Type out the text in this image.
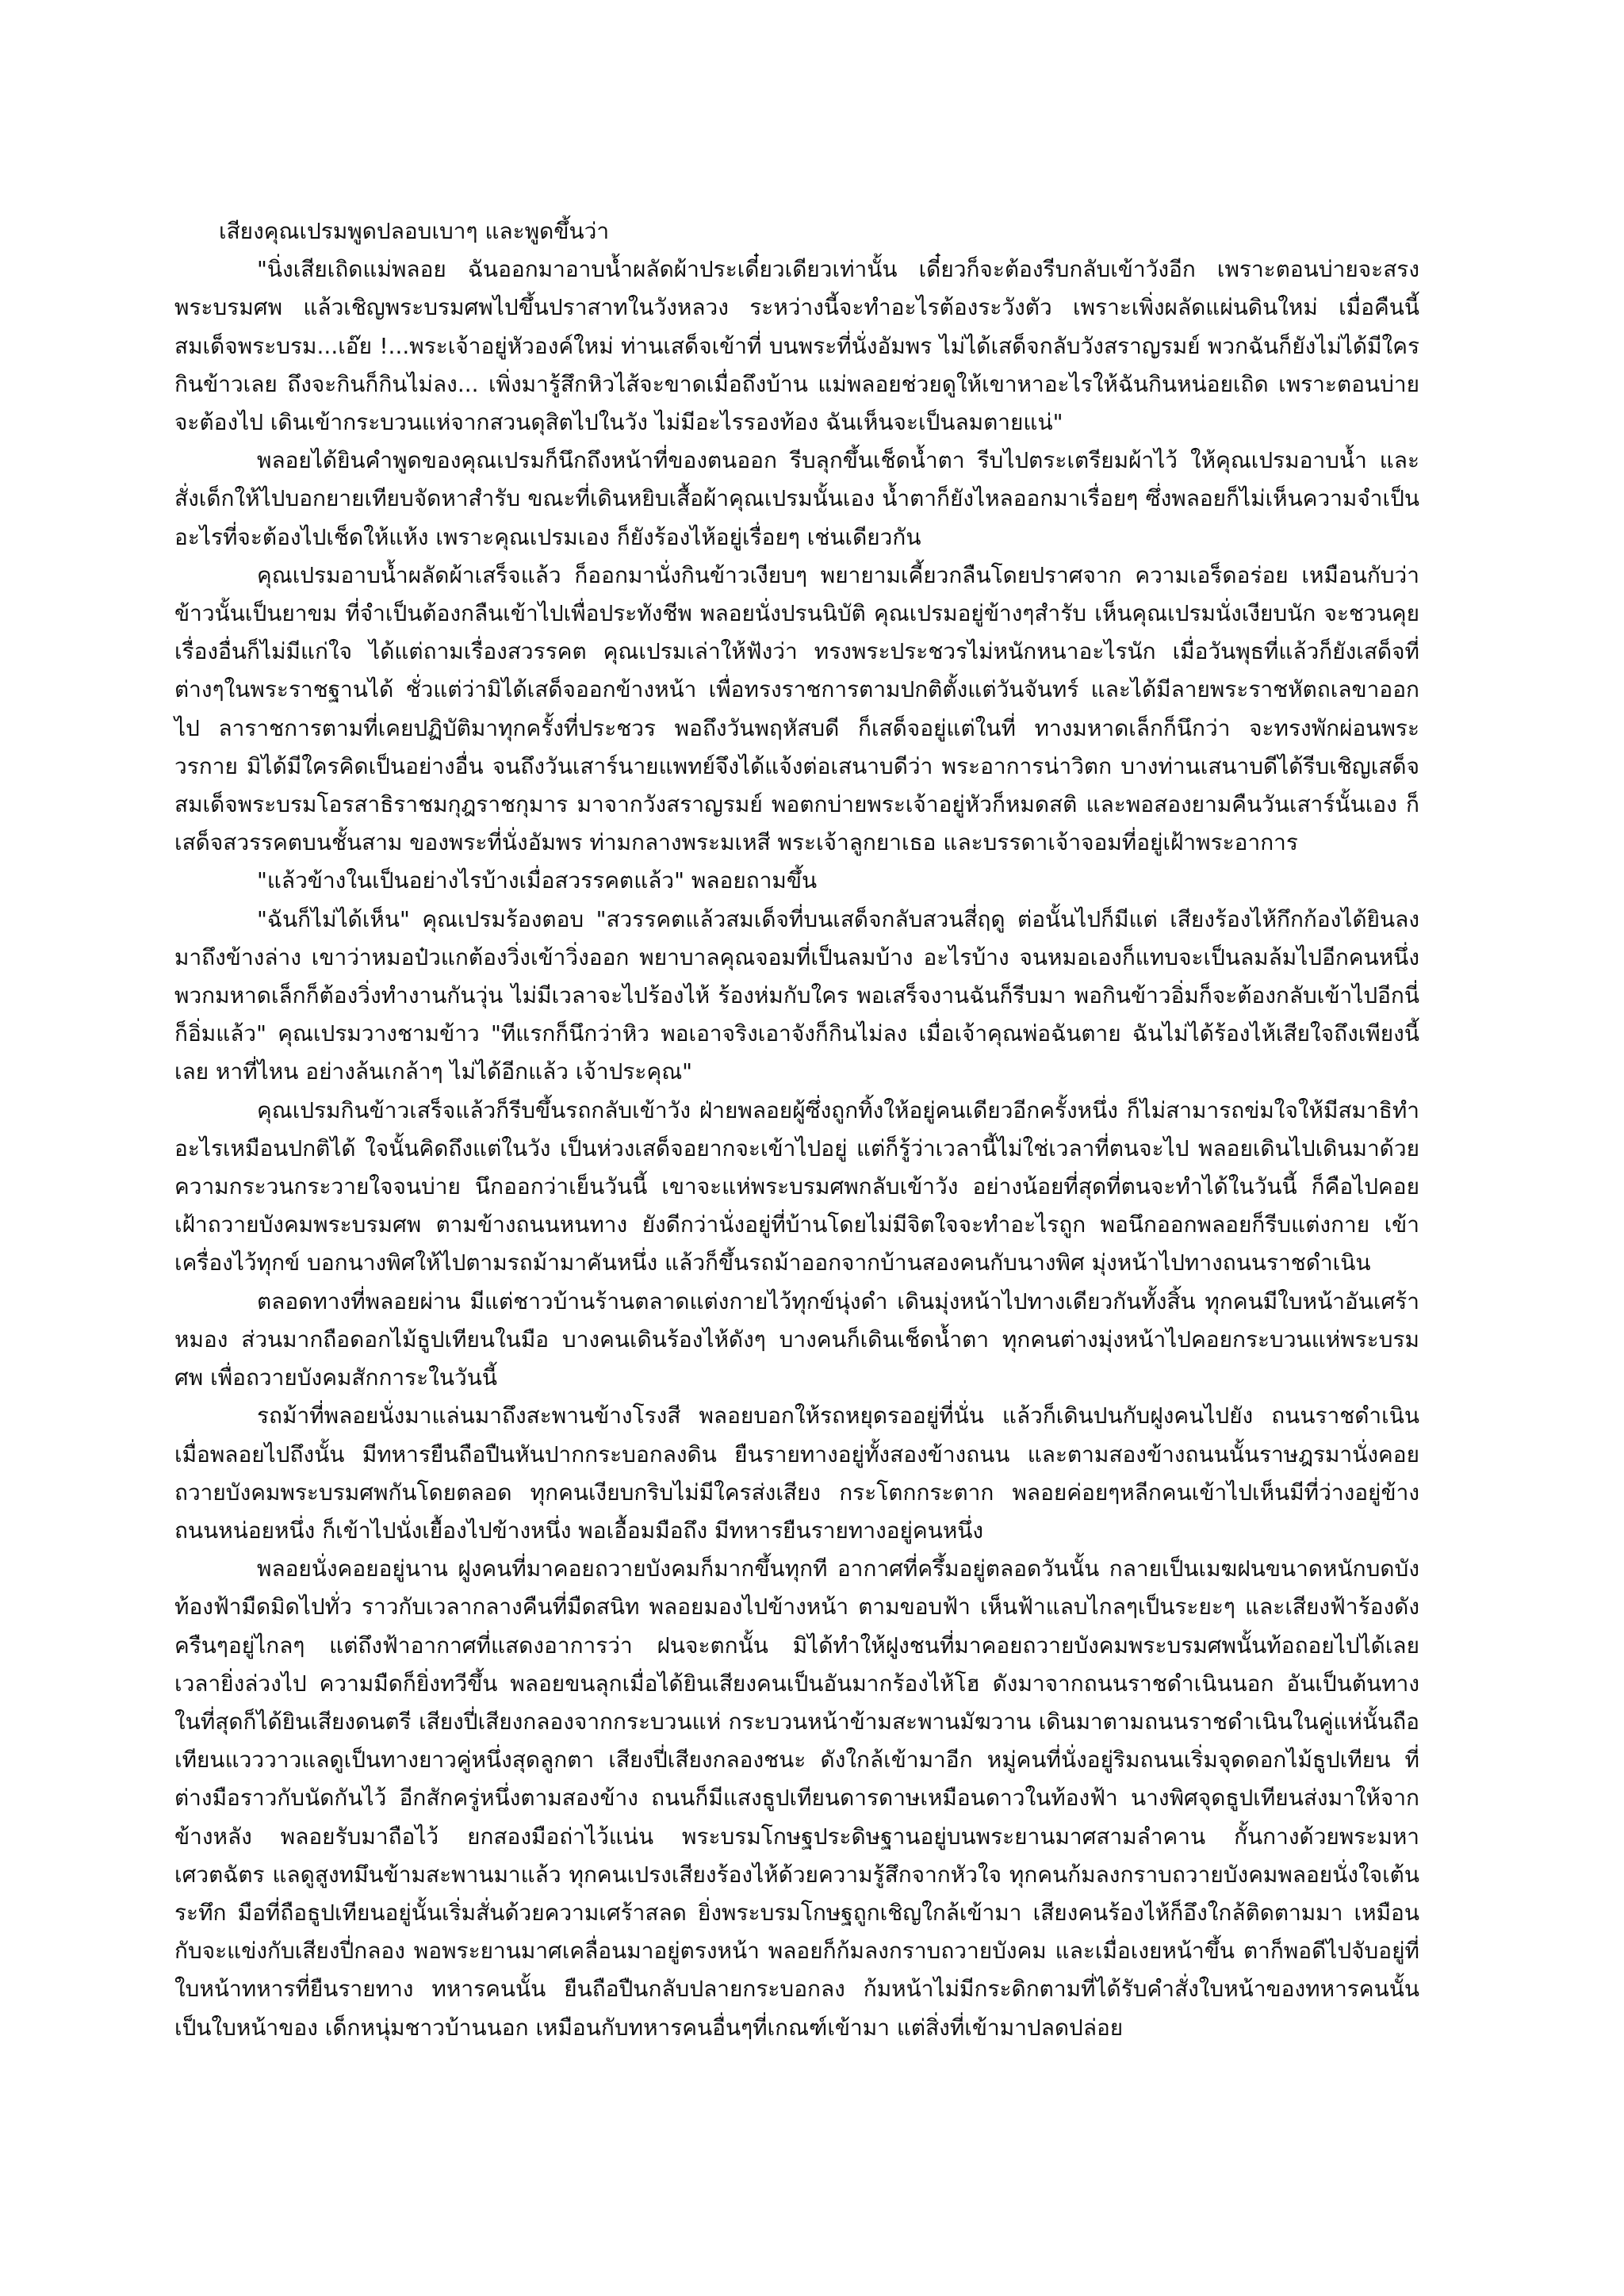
เสียงคุณเปรมพูดปลอบเบาๆ และพูดขึ้นว่า

"นิ่งเสียเถิดแม่พลอย ฉันออกมาอาบน้ำผลัดผ้าประเดี๋ยวเดียวเท่านั้น เดี๋ยวก็จะต้องรีบกลับเข้าวังอีก เพราะตอนบ่ายจะสรงพระบรมศพ แล้วเชิญพระบรมศพไปขึ้นปราสาทในวังหลวง ระหว่างนี้จะทำอะไรต้องระวังตัว เพราะเพิ่งผลัดแผ่นดินใหม่ เมื่อคืนนี้สมเด็จพระบรม...เอ๊ย !...พระเจ้าอยู่หัวองค์ใหม่ ท่านเสด็จเข้าที่ บนพระที่นั่งอัมพร ไม่ได้เสด็จกลับวังสราญรมย์ พวกฉันก็ยังไม่ได้มีใครกินข้าวเลย ถึงจะกินก็กินไม่ลง... เพิ่งมารู้สึกหิวไส้จะขาดเมื่อถึงบ้าน แม่พลอยช่วยดูให้เขาหาอะไรให้ฉันกินหน่อยเถิด เพราะตอนบ่ายจะต้องไป เดินเข้ากระบวนแห่จากสวนดุสิตไปในวัง ไม่มีอะไรรองท้อง ฉันเห็นจะเป็นลมตายแน่"

พลอยได้ยินคำพูดของคุณเปรมก็นึกถึงหน้าที่ของตนออก รีบลุกขึ้นเช็ดน้ำตา รีบไปตระเตรียมผ้าไว้ ให้คุณเปรมอาบน้ำ และสั่งเด็กให้ไปบอกยายเทียบจัดหาสำรับ ขณะที่เดินหยิบเสื้อผ้าคุณเปรมนั้นเอง น้ำตาก็ยังไหลออกมาเรื่อยๆ ซึ่งพลอยก็ไม่เห็นความจำเป็นอะไรที่จะต้องไปเช็ดให้แห้ง เพราะคุณเปรมเอง ก็ยังร้องไห้อยู่เรื่อยๆ เช่นเดียวกัน

คุณเปรมอาบน้ำผลัดผ้าเสร็จแล้ว ก็ออกมานั่งกินข้าวเงียบๆ พยายามเคี้ยวกลืนโดยปราศจาก ความเอร็ดอร่อย เหมือนกับว่าข้าวนั้นเป็นยาขม ที่จำเป็นต้องกลืนเข้าไปเพื่อประทังชีพ พลอยนั่งปรนนิบัติ คุณเปรมอยู่ข้างๆสำรับ เห็นคุณเปรมนั่งเงียบนัก จะชวนคุยเรื่องอื่นก็ไม่มีแก่ใจ ได้แต่ถามเรื่องสวรรคต คุณเปรมเล่าให้ฟังว่า ทรงพระประชวรไม่หนักหนาอะไรนัก เมื่อวันพุธที่แล้วก็ยังเสด็จที่ต่างๆในพระราชฐานได้ ชั่วแต่ว่ามิได้เสด็จออกข้างหน้า เพื่อทรงราชการตามปกติตั้งแต่วันจันทร์ และได้มีลายพระราชหัตถเลขาออกไป ลาราชการตามที่เคยปฏิบัติมาทุกครั้งที่ประชวร พอถึงวันพฤหัสบดี ก็เสด็จอยู่แต่ในที่ ทางมหาดเล็กก็นึกว่า จะทรงพักผ่อนพระวรกาย มิได้มีใครคิดเป็นอย่างอื่น จนถึงวันเสาร์นายแพทย์จึงได้แจ้งต่อเสนาบดีว่า พระอาการน่าวิตก บางท่านเสนาบดีได้รีบเชิญเสด็จสมเด็จพระบรมโอรสาธิราชมกุฎราชกุมาร มาจากวังสราญรมย์ พอตกบ่ายพระเจ้าอยู่หัวก็หมดสติ และพอสองยามคืนวันเสาร์นั้นเอง ก็เสด็จสวรรคตบนชั้นสาม ของพระที่นั่งอัมพร ท่ามกลางพระมเหสี พระเจ้าลูกยาเธอ และบรรดาเจ้าจอมที่อยู่เฝ้าพระอาการ

"แล้วข้างในเป็นอย่างไรบ้างเมื่อสวรรคตแล้ว" พลอยถามขึ้น

"ฉันก็ไม่ได้เห็น" คุณเปรมร้องตอบ "สวรรคตแล้วสมเด็จที่บนเสด็จกลับสวนสี่ฤดู ต่อนั้นไปก็มีแต่ เสียงร้องไห้กึกก้องได้ยินลงมาถึงข้างล่าง เขาว่าหมอป๋วแกต้องวิ่งเข้าวิ่งออก พยาบาลคุณจอมที่เป็นลมบ้าง อะไรบ้าง จนหมอเองก็แทบจะเป็นลมล้มไปอีกคนหนึ่ง พวกมหาดเล็กก็ต้องวิ่งทำงานกันวุ่น ไม่มีเวลาจะไปร้องไห้ ร้องห่มกับใคร พอเสร็จงานฉันก็รีบมา พอกินข้าวอิ่มก็จะต้องกลับเข้าไปอีกนี่ก็อิ่มแล้ว" คุณเปรมวางชามข้าว "ทีแรกก็นึกว่าหิว พอเอาจริงเอาจังก็กินไม่ลง เมื่อเจ้าคุณพ่อฉันตาย ฉันไม่ได้ร้องไห้เสียใจถึงเพียงนี้เลย หาที่ไหน อย่างล้นเกล้าๆ ไม่ได้อีกแล้ว เจ้าประคุณ"

คุณเปรมกินข้าวเสร็จแล้วก็รีบขึ้นรถกลับเข้าวัง ฝ่ายพลอยผู้ซึ่งถูกทิ้งให้อยู่คนเดียวอีกครั้งหนึ่ง ก็ไม่สามารถข่มใจให้มีสมาธิทำอะไรเหมือนปกติได้ ใจนั้นคิดถึงแต่ในวัง เป็นห่วงเสด็จอยากจะเข้าไปอยู่ แต่ก็รู้ว่าเวลานี้ไม่ใช่เวลาที่ตนจะไป พลอยเดินไปเดินมาด้วยความกระวนกระวายใจจนบ่าย นึกออกว่าเย็นวันนี้ เขาจะแห่พระบรมศพกลับเข้าวัง อย่างน้อยที่สุดที่ตนจะทำได้ในวันนี้ ก็คือไปคอยเฝ้าถวายบังคมพระบรมศพ ตามข้างถนนหนทาง ยังดีกว่านั่งอยู่ที่บ้านโดยไม่มีจิตใจจะทำอะไรถูก พอนึกออกพลอยก็รีบแต่งกาย เข้าเครื่องไว้ทุกข์ บอกนางพิศให้ไปตามรถม้ามาคันหนึ่ง แล้วก็ขึ้นรถม้าออกจากบ้านสองคนกับนางพิศ มุ่งหน้าไปทางถนนราชดำเนิน

ตลอดทางที่พลอยผ่าน มีแต่ชาวบ้านร้านตลาดแต่งกายไว้ทุกข์นุ่งดำ เดินมุ่งหน้าไปทางเดียวกันทั้งสิ้น ทุกคนมีใบหน้าอันเศร้าหมอง ส่วนมากถือดอกไม้ธูปเทียนในมือ บางคนเดินร้องไห้ดังๆ บางคนก็เดินเช็ดน้ำตา ทุกคนต่างมุ่งหน้าไปคอยกระบวนแห่พระบรมศพ เพื่อถวายบังคมสักการะในวันนี้

รถม้าที่พลอยนั่งมาแล่นมาถึงสะพานข้างโรงสี พลอยบอกให้รถหยุดรออยู่ที่นั่น แล้วก็เดินปนกับฝูงคนไปยัง ถนนราชดำเนิน เมื่อพลอยไปถึงนั้น มีทหารยืนถือปืนหันปากกระบอกลงดิน ยืนรายทางอยู่ทั้งสองข้างถนน และตามสองข้างถนนนั้นราษฎรมานั่งคอยถวายบังคมพระบรมศพกันโดยตลอด ทุกคนเงียบกริบไม่มีใครส่งเสียง กระโตกกระตาก พลอยค่อยๆหลีกคนเข้าไปเห็นมีที่ว่างอยู่ข้างถนนหน่อยหนึ่ง ก็เข้าไปนั่งเยื้องไปข้างหนึ่ง พอเอื้อมมือถึง มีทหารยืนรายทางอยู่คนหนึ่ง

พลอยนั่งคอยอยู่นาน ฝูงคนที่มาคอยถวายบังคมก็มากขึ้นทุกที อากาศที่ครึ้มอยู่ตลอดวันนั้น กลายเป็นเมฆฝนขนาดหนักบดบังท้องฟ้ามืดมิดไปทั่ว ราวกับเวลากลางคืนที่มืดสนิท พลอยมองไปข้างหน้า ตามขอบฟ้า เห็นฟ้าแลบไกลๆเป็นระยะๆ และเสียงฟ้าร้องดังครืนๆอยู่ไกลๆ แต่ถึงฟ้าอากาศที่แสดงอาการว่า ฝนจะตกนั้น มิได้ทำให้ฝูงชนที่มาคอยถวายบังคมพระบรมศพนั้นท้อถอยไปได้เลย เวลายิ่งล่วงไป ความมืดก็ยิ่งทวีขึ้น พลอยขนลุกเมื่อได้ยินเสียงคนเป็นอันมากร้องไห้โฮ ดังมาจากถนนราชดำเนินนอก อันเป็นต้นทาง ในที่สุดก็ได้ยินเสียงดนตรี เสียงปี่เสียงกลองจากกระบวนแห่ กระบวนหน้าข้ามสะพานมัฆวาน เดินมาตามถนนราชดำเนินในคู่แห่นั้นถือเทียนแวววาวแลดูเป็นทางยาวคู่หนึ่งสุดลูกตา เสียงปี่เสียงกลองชนะ ดังใกล้เข้ามาอีก หมู่คนที่นั่งอยู่ริมถนนเริ่มจุดดอกไม้ธูปเทียน ที่ต่างมือราวกับนัดกันไว้ อีกสักครู่หนึ่งตามสองข้าง ถนนก็มีแสงธูปเทียนดารดาษเหมือนดาวในท้องฟ้า นางพิศจุดธูปเทียนส่งมาให้จากข้างหลัง พลอยรับมาถือไว้ ยกสองมือถ่าไว้แน่น พระบรมโกษฐประดิษฐานอยู่บนพระยานมาศสามลำคาน กั้นกางด้วยพระมหาเศวตฉัตร แลดูสูงทมึนข้ามสะพานมาแล้ว ทุกคนเปรงเสียงร้องไห้ด้วยความรู้สึกจากหัวใจ ทุกคนก้มลงกราบถวายบังคมพลอยนั่งใจเต้นระทึก มือที่ถือธูปเทียนอยู่นั้นเริ่มสั่นด้วยความเศร้าสลด ยิ่งพระบรมโกษฐถูกเชิญใกล้เข้ามา เสียงคนร้องไห้ก็อึงใกล้ติดตามมา เหมือนกับจะแข่งกับเสียงปี่กลอง พอพระยานมาศเคลื่อนมาอยู่ตรงหน้า พลอยก็ก้มลงกราบถวายบังคม และเมื่อเงยหน้าขึ้น ตาก็พอดีไปจับอยู่ที่ใบหน้าทหารที่ยืนรายทาง ทหารคนนั้น ยืนถือปืนกลับปลายกระบอกลง ก้มหน้าไม่มีกระดิกตามที่ได้รับคำสั่งใบหน้าของทหารคนนั้นเป็นใบหน้าของ เด็กหนุ่มชาวบ้านนอก เหมือนกับทหารคนอื่นๆที่เกณฑ์เข้ามา แต่สิ่งที่เข้ามาปลดปล่อย
